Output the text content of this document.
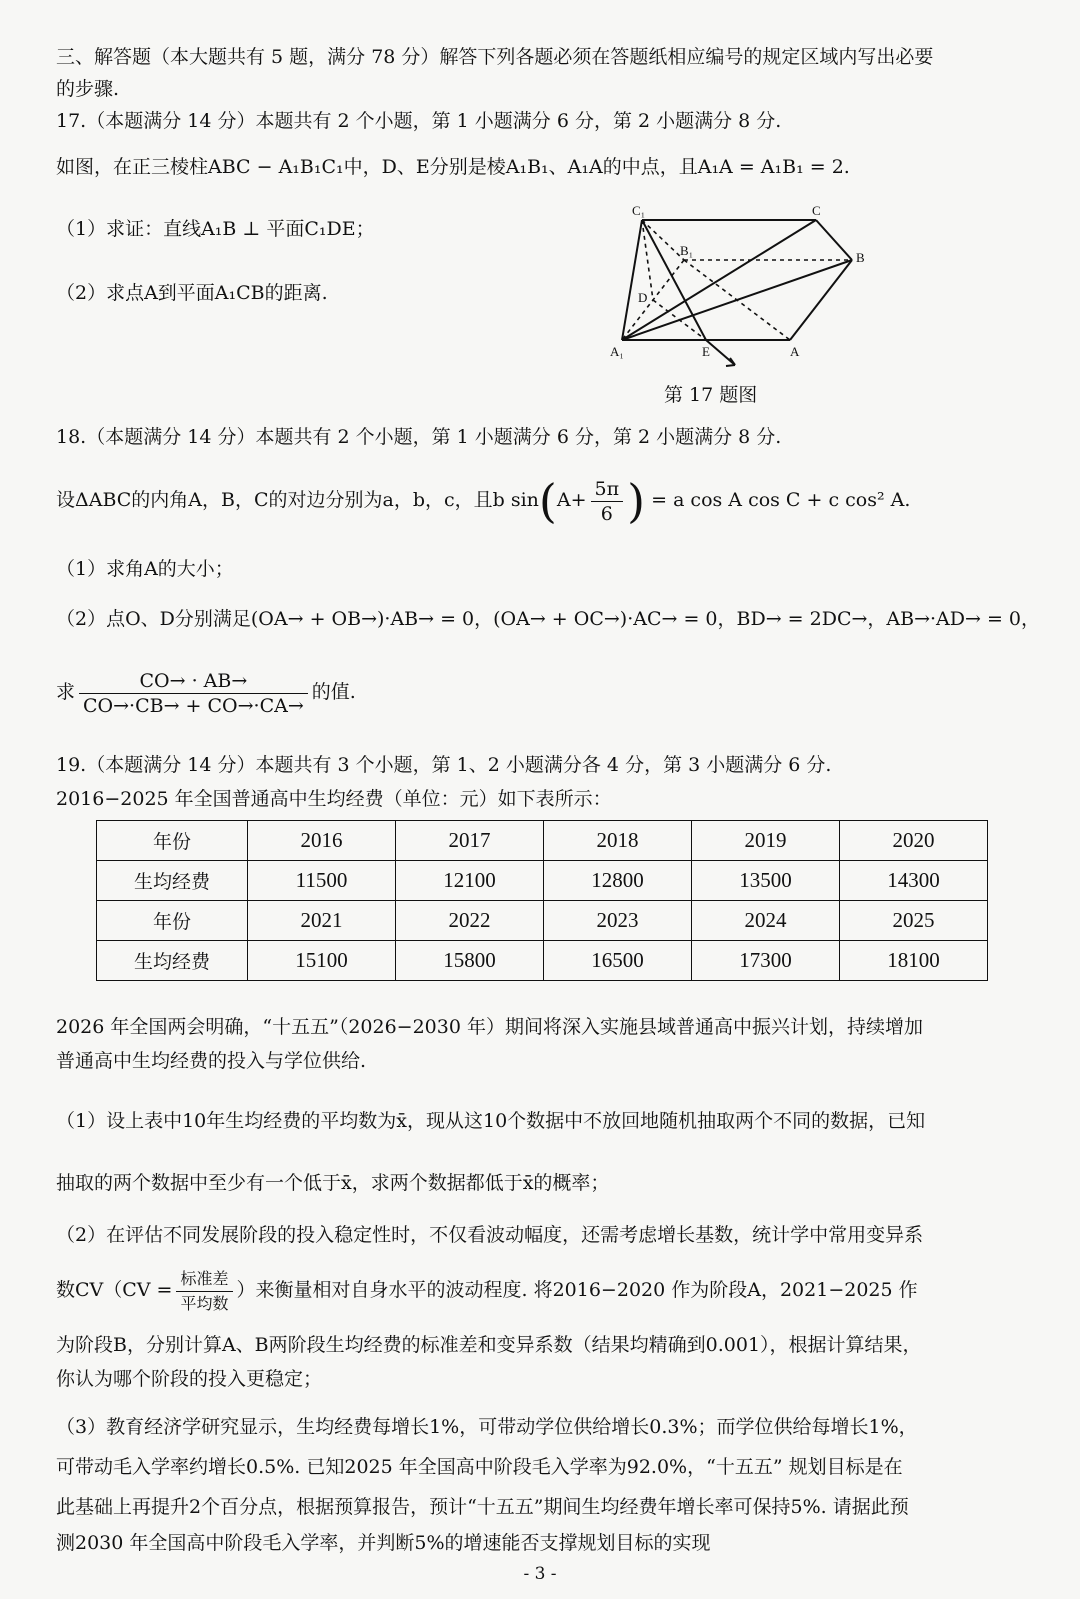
三、解答题（本大题共有 5 题，满分 78 分）解答下列各题必须在答题纸相应编号的规定区域内写出必要
的步骤.
17.（本题满分 14 分）本题共有 2 个小题，第 1 小题满分 6 分，第 2 小题满分 8 分.
如图，在正三棱柱ABC − A₁B₁C₁中，D、E分别是棱A₁B₁、A₁A的中点，且A₁A = A₁B₁ = 2.
（1）求证：直线A₁B ⊥ 平面C₁DE；
（2）求点A到平面A₁CB的距离.
C₁	C
B₁	B
D
A₁	E	A
第 17 题图
18.（本题满分 14 分）本题共有 2 个小题，第 1 小题满分 6 分，第 2 小题满分 8 分.
设ΔABC的内角A，B，C的对边分别为a，b，c，且b $\sin(A+ \frac{5\pi}{6}$ ) = a cos A cos C + c cos² A.
（1）求角A的大小；
（2）点O、D分别满足(OA→ + OB→)·AB→ = 0，(OA→ + OC→)·AC→ = 0，BD→ = 2DC→，AB→·AD→ = 0，
求 $\frac{CO\to \cdot AB\to}{CO\to\cdot CB\to + CO\to\cdot CA\to}$ 的值.
19.（本题满分 14 分）本题共有 3 个小题，第 1、2 小题满分各 4 分，第 3 小题满分 6 分.
2016−2025 年全国普通高中生均经费（单位：元）如下表所示：
年份	2016	2017	2018	2019	2020
生均经费	11500	12100	12800	13500	14300
年份	2021	2022	2023	2024	2025
生均经费	15100	15800	16500	17300	18100
2026 年全国两会明确，“十五五”（2026−2030 年）期间将深入实施县域普通高中振兴计划，持续增加
普通高中生均经费的投入与学位供给.
（1）设上表中10年生均经费的平均数为x̄，现从这10个数据中不放回地随机抽取两个不同的数据，已知
抽取的两个数据中至少有一个低于x̄，求两个数据都低于x̄的概率；
（2）在评估不同发展阶段的投入稳定性时，不仅看波动幅度，还需考虑增长基数，统计学中常用变异系
数$CV(CV = \frac{\text{标准差}}{\text{平均数}}$ ）来衡量相对自身水平的波动程度. 将2016−2020 作为阶段A，2021−2025 作
为阶段B，分别计算A、B两阶段生均经费的标准差和变异系数（结果均精确到0.001），根据计算结果，
你认为哪个阶段的投入更稳定；
（3）教育经济学研究显示，生均经费每增长1%，可带动学位供给增长0.3%；而学位供给每增长1%，
可带动毛入学率约增长0.5%. 已知2025 年全国高中阶段毛入学率为92.0%，“十五五” 规划目标是在
此基础上再提升2个百分点，根据预算报告，预计“十五五”期间生均经费年增长率可保持5%. 请据此预
测2030 年全国高中阶段毛入学率，并判断5%的增速能否支撑规划目标的实现
- 3 -
